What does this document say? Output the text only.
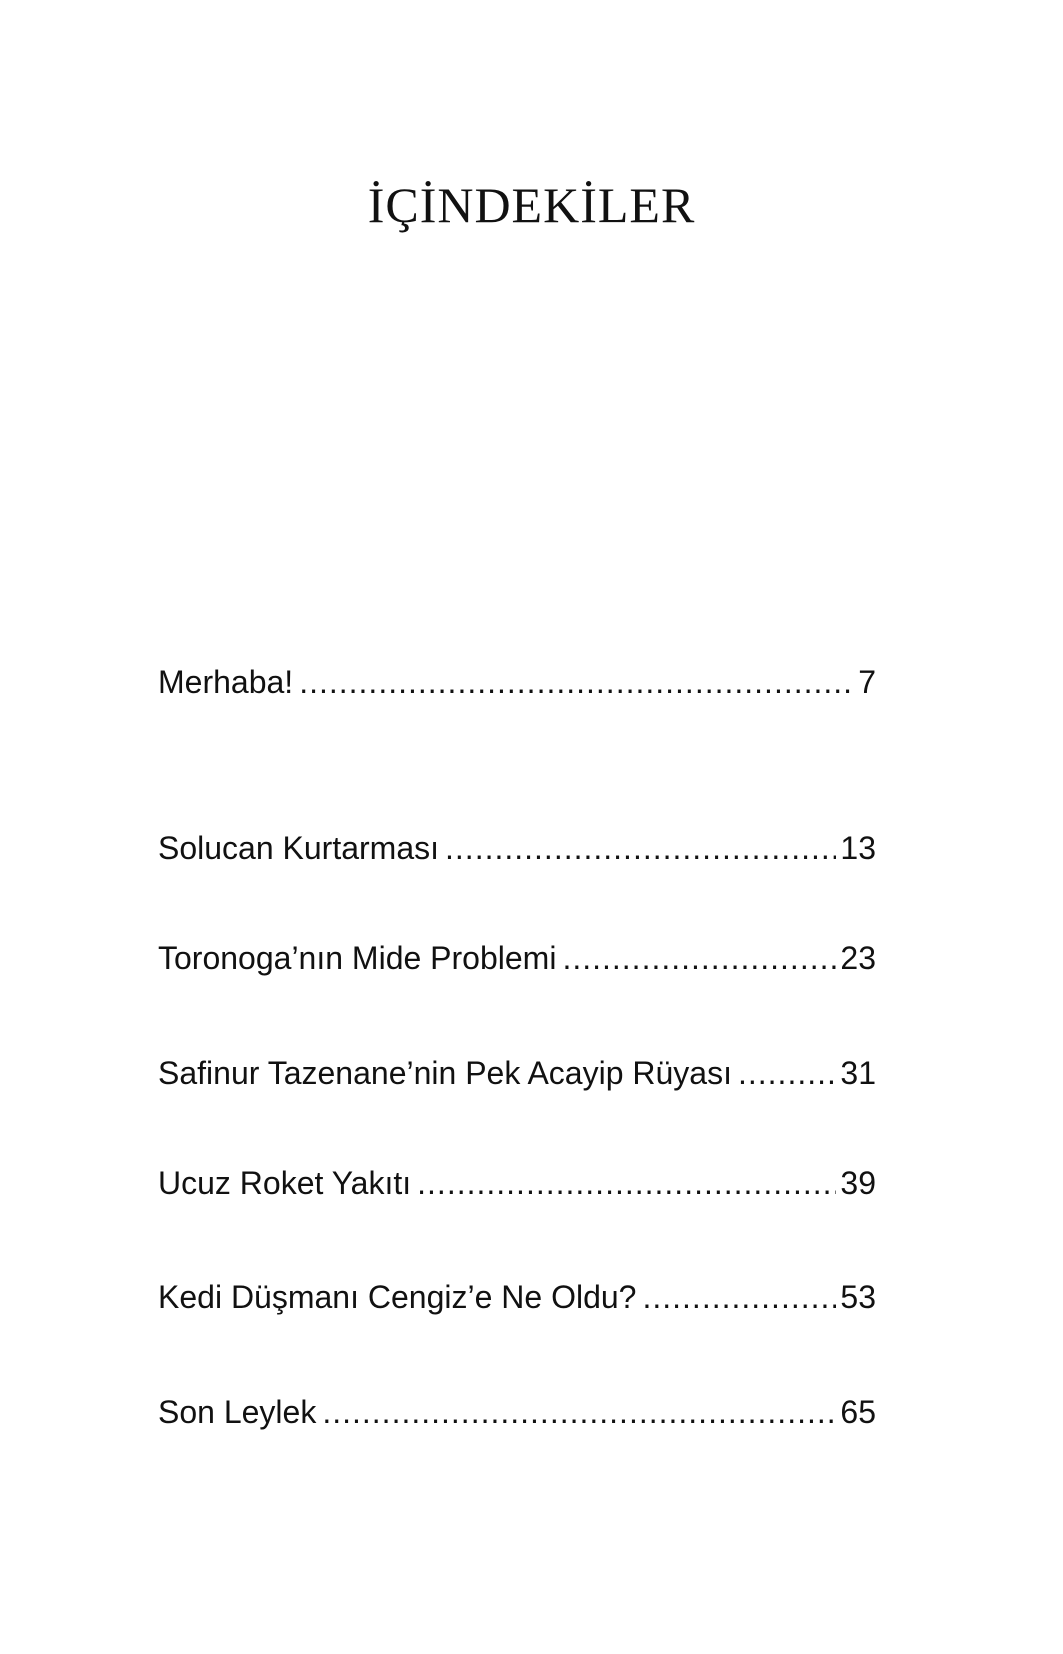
İÇİNDEKİLER
Merhaba! .....	7
Solucan Kurtarması .....	13
Toronoga’nın Mide Problemi .....	23
Safinur Tazenane’nin Pek Acayip Rüyası .....	31
Ucuz Roket Yakıtı .....	39
Kedi Düşmanı Cengiz’e Ne Oldu? .....	53
Son Leylek .....	65
